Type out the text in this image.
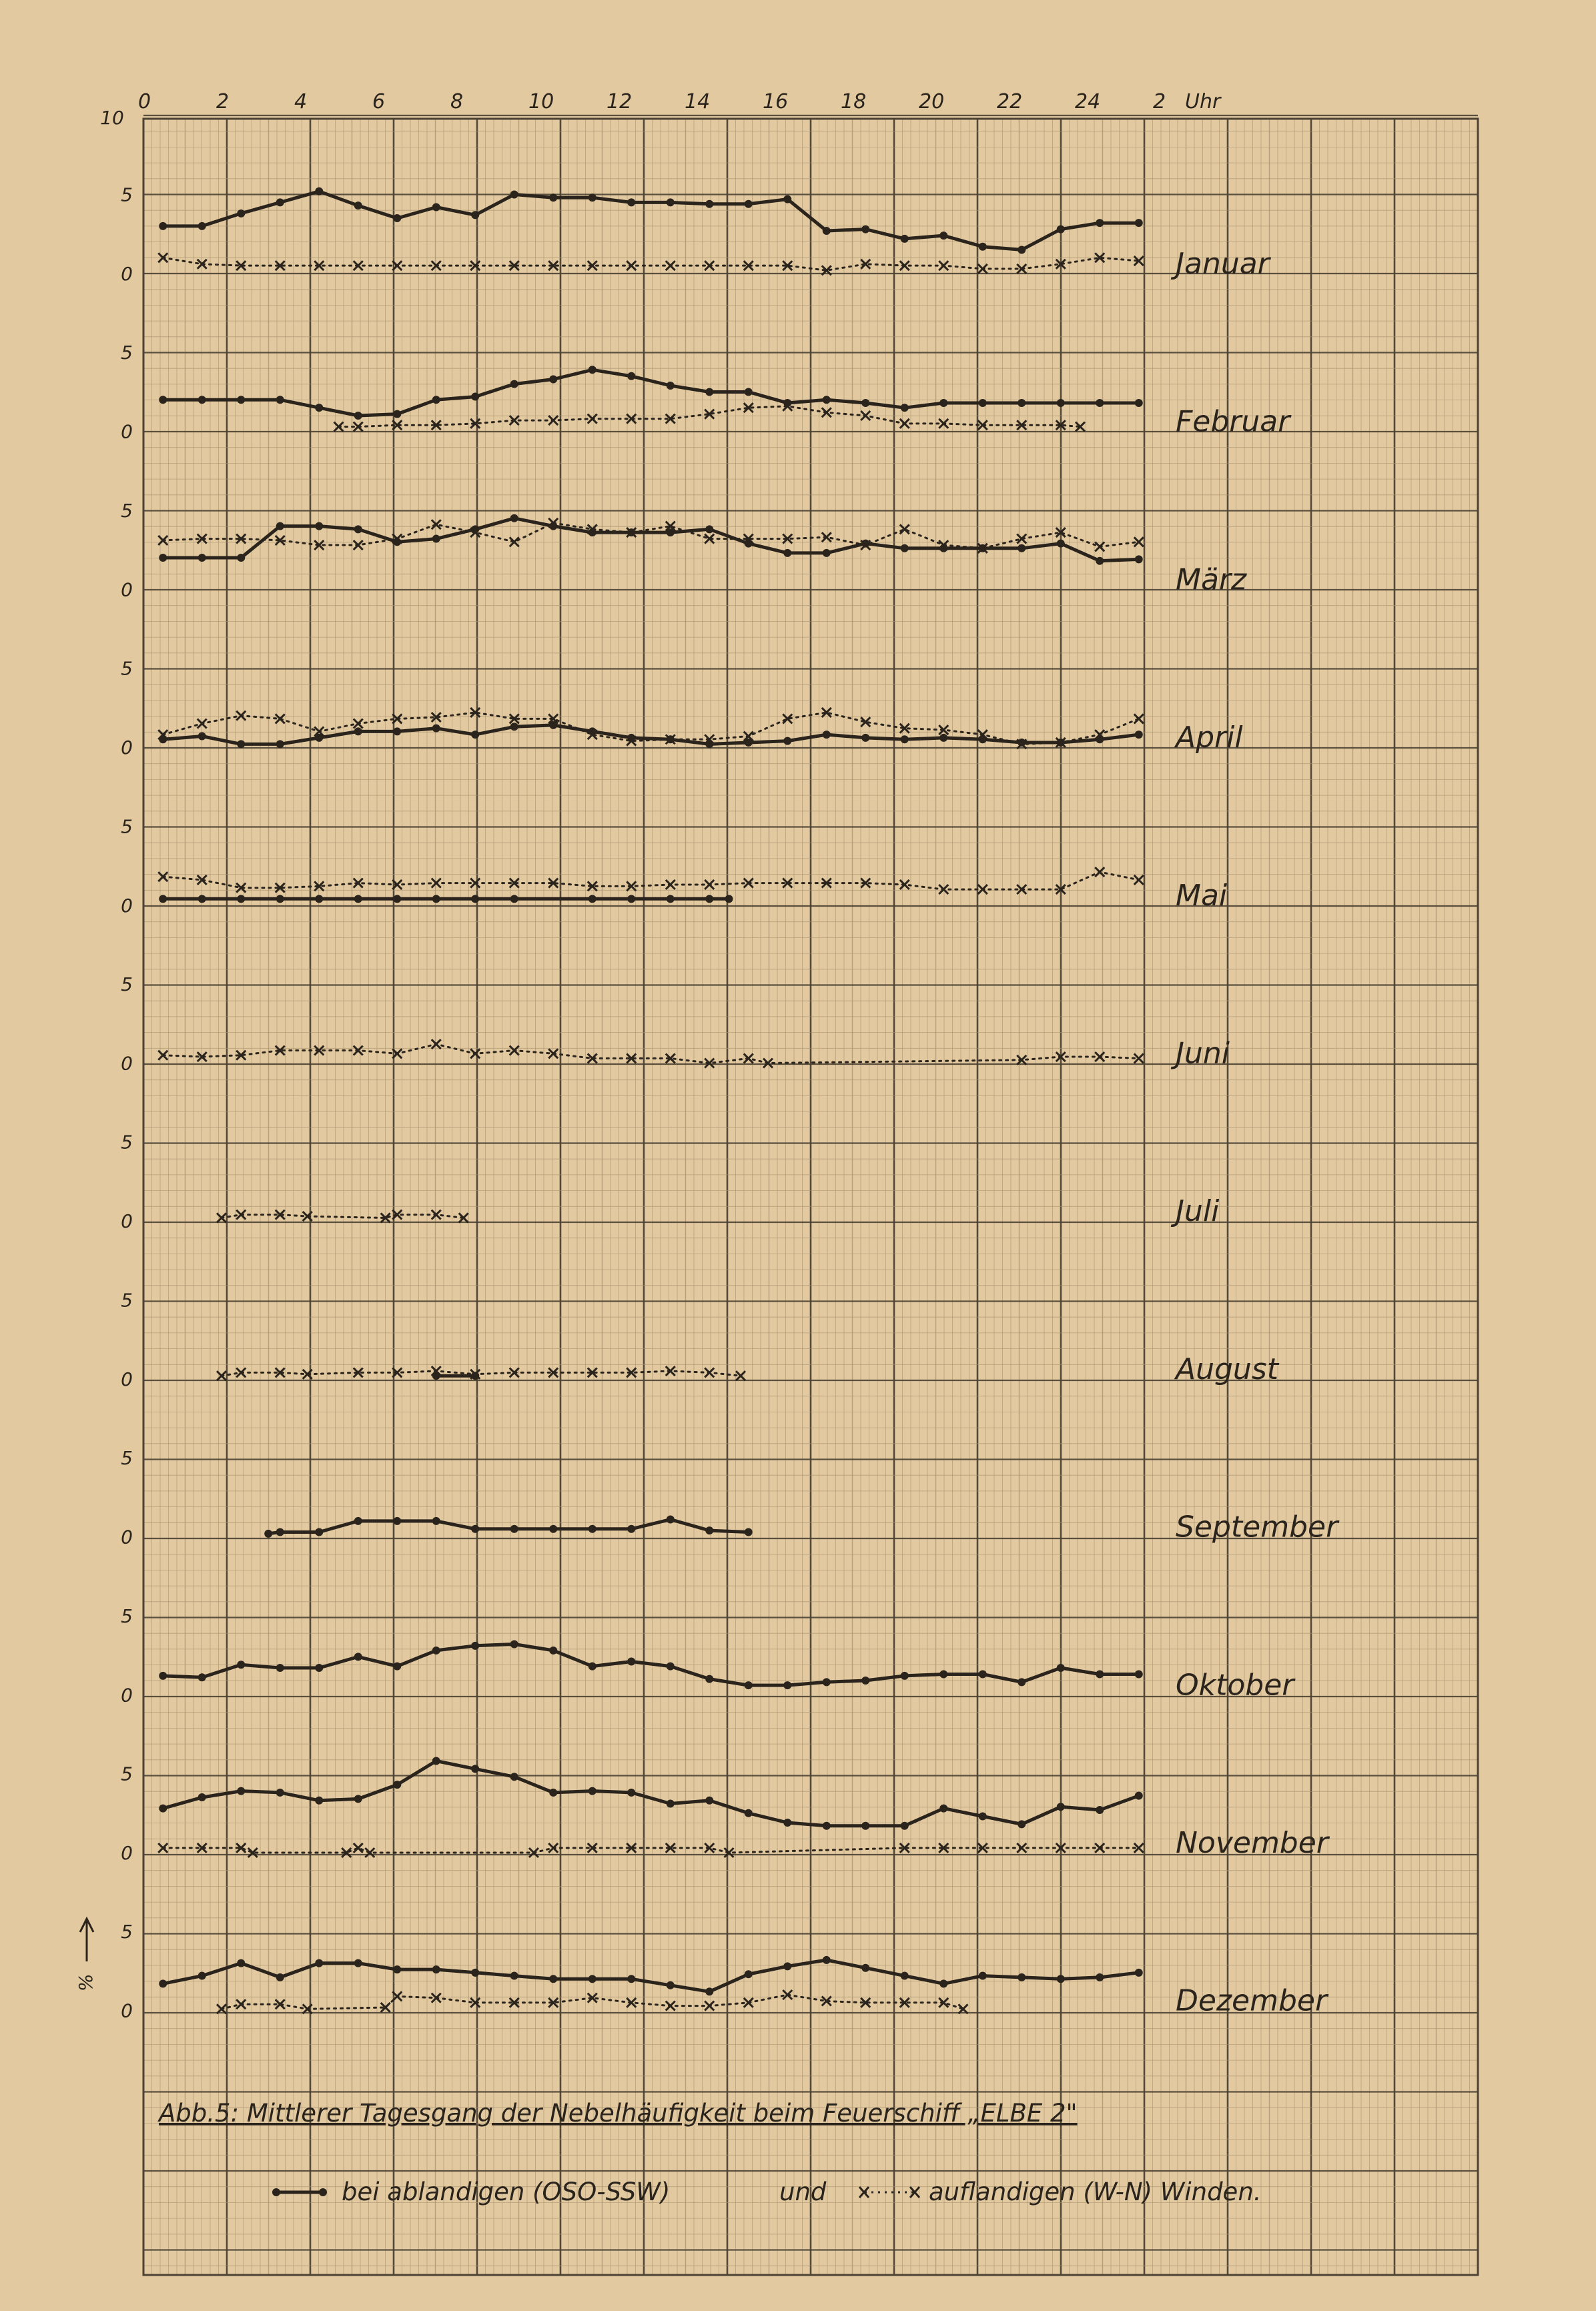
0	2	4	6	8	10	12	14	16	18	20	22	24	2 Uhr
10
5
0
5
0
5
0
5
0
5
0
5
0
5
0
5
0
5
0
5
0
5
0
5
0
Januar
Februar
März
April
Mai
Juni
Juli
August
September
Oktober
November
Dezember
Abb.5: Mittlerer Tagesgang der Nebelhäufigkeit beim Feuerschiff „ELBE 2"
bei ablandigen (OSO-SSW)	und	auflandigen (W-N) Winden.
%
